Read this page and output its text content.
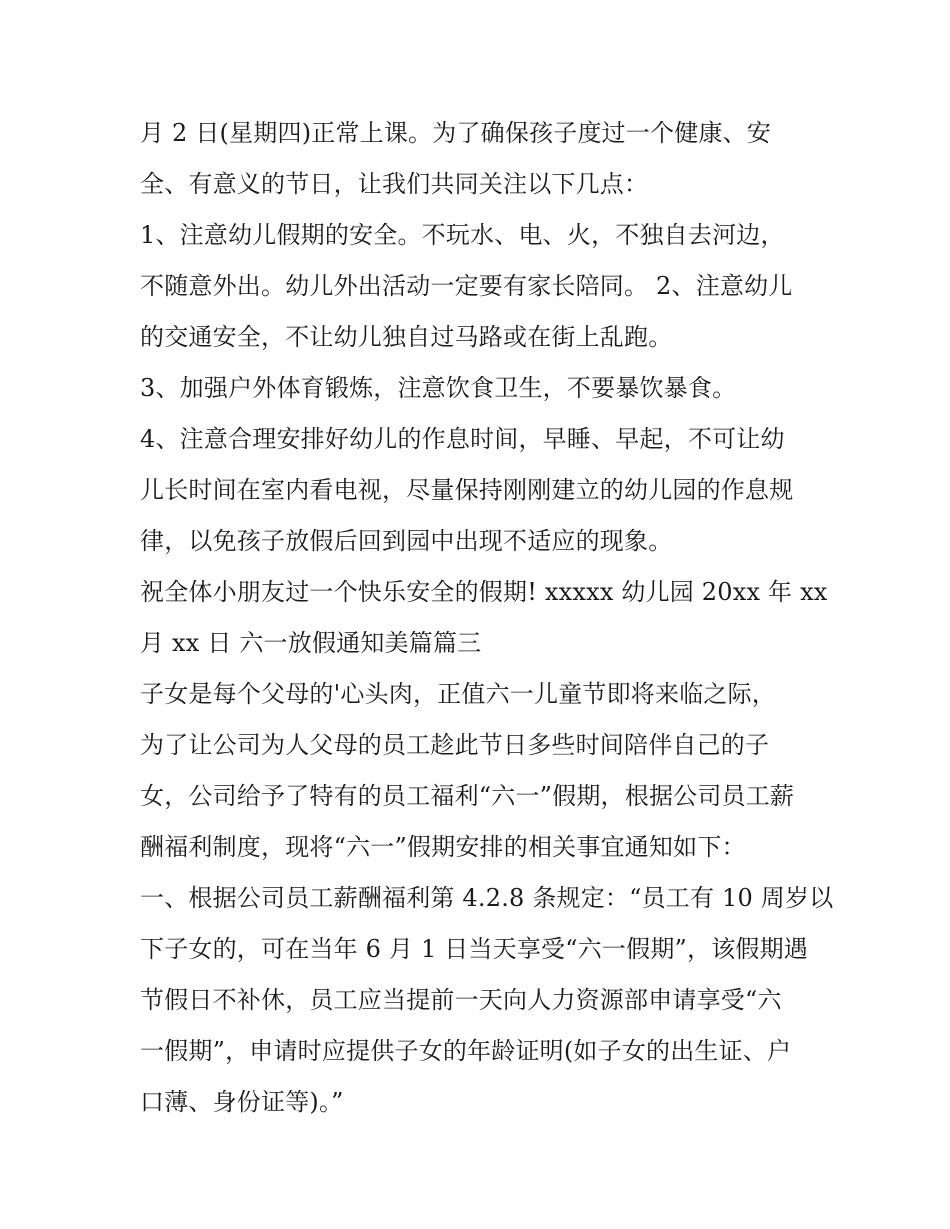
月 2 日(星期四)正常上课。为了确保孩子度过一个健康、安
全、有意义的节日，让我们共同关注以下几点：
1、注意幼儿假期的安全。不玩水、电、火，不独自去河边，
不随意外出。幼儿外出活动一定要有家长陪同。 2、注意幼儿
的交通安全，不让幼儿独自过马路或在街上乱跑。
3、加强户外体育锻炼，注意饮食卫生，不要暴饮暴食。
4、注意合理安排好幼儿的作息时间，早睡、早起，不可让幼
儿长时间在室内看电视，尽量保持刚刚建立的幼儿园的作息规
律，以免孩子放假后回到园中出现不适应的现象。
祝全体小朋友过一个快乐安全的假期! xxxxx 幼儿园 20xx 年 xx
月 xx 日 六一放假通知美篇篇三
子女是每个父母的'心头肉，正值六一儿童节即将来临之际，
为了让公司为人父母的员工趁此节日多些时间陪伴自己的子
女，公司给予了特有的员工福利“六一”假期，根据公司员工薪
酬福利制度，现将“六一”假期安排的相关事宜通知如下：
一、根据公司员工薪酬福利第 4.2.8 条规定：“员工有 10 周岁以
下子女的，可在当年 6 月 1 日当天享受“六一假期”，该假期遇
节假日不补休，员工应当提前一天向人力资源部申请享受“六
一假期”，申请时应提供子女的年龄证明(如子女的出生证、户
口薄、身份证等)。”
